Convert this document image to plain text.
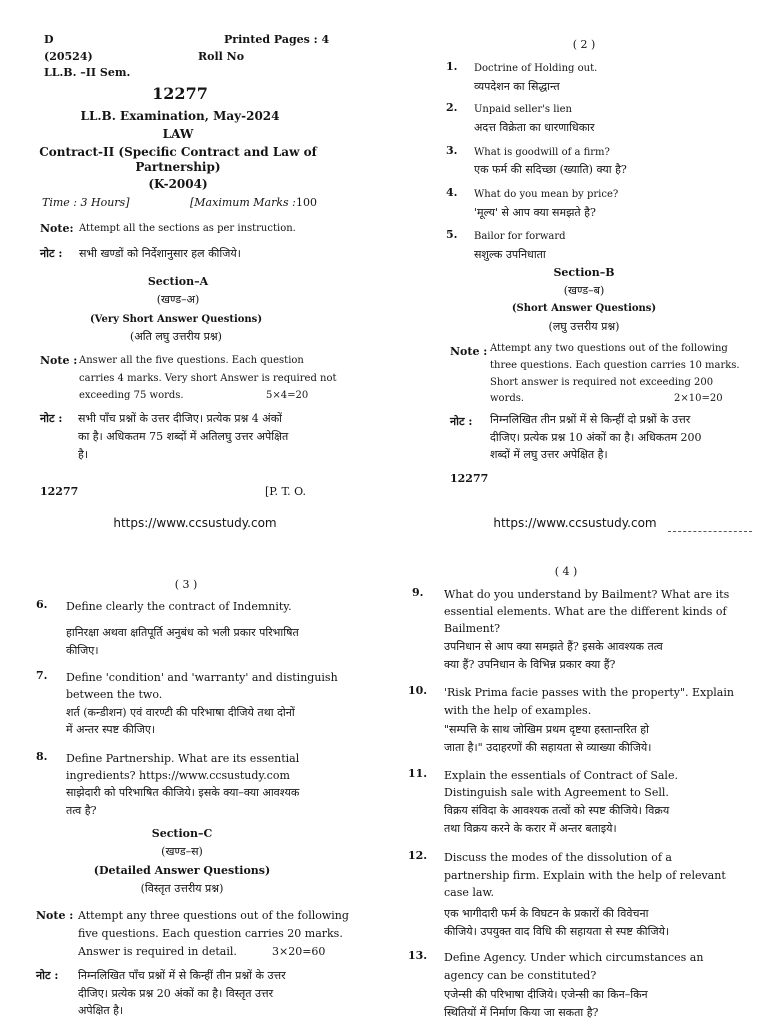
D	Printed Pages : 4
(20524)	Roll No
LL.B. –II Sem.
12277
LL.B. Examination, May-2024
LAW
Contract-II (Specific Contract and Law of
Partnership)
(K-2004)
Time : 3 Hours]	[Maximum Marks : 100
Note: Attempt all the sections as per instruction.
नोट : सभी खण्डों को निर्देशानुसार हल कीजिये।
Section–A
(खण्ड–अ)
(Very Short Answer Questions)
(अति लघु उत्तरीय प्रश्न)
Note : Answer all the five questions. Each question
carries 4 marks. Very short Answer is required not
exceeding 75 words.	5×4=20
नोट : सभी पाँच प्रश्नों के उत्तर दीजिए। प्रत्येक प्रश्न 4 अंकों
का है। अधिकतम 75 शब्दों में अतिलघु उत्तर अपेक्षित
है।
12277	[P. T. O.
https://www.ccsustudy.com
( 2 )
1. Doctrine of Holding out.
व्यपदेशन का सिद्धान्त
2. Unpaid seller's lien
अदत्त विक्रेता का धारणाधिकार
3. What is goodwill of a firm?
एक फर्म की सदिच्छा (ख्याति) क्या है?
4. What do you mean by price?
'मूल्य' से आप क्या समझते है?
5. Bailor for forward
सशुल्क उपनिधाता
Section–B
(खण्ड–ब)
(Short Answer Questions)
(लघु उत्तरीय प्रश्न)
Note : Attempt any two questions out of the following
three questions. Each question carries 10 marks.
Short answer is required not exceeding 200
words.	2×10=20
नोट : निम्नलिखित तीन प्रश्नों में से किन्हीं दो प्रश्नों के उत्तर
दीजिए। प्रत्येक प्रश्न 10 अंकों का है। अधिकतम 200
शब्दों में लघु उत्तर अपेक्षित है।
12277
https://www.ccsustudy.com
( 3 )
6. Define clearly the contract of Indemnity.
हानिरक्षा अथवा क्षतिपूर्ति अनुबंध को भली प्रकार परिभाषित
कीजिए।
7. Define 'condition' and 'warranty' and distinguish
between the two.
शर्त (कन्डीशन) एवं वारण्टी की परिभाषा दीजिये तथा दोनों
में अन्तर स्पष्ट कीजिए।
8. Define Partnership. What are its essential
ingredients? https://www.ccsustudy.com
साझेदारी को परिभाषित कीजिये। इसके क्या–क्या आवश्यक
तत्व है?
Section–C
(खण्ड–स)
(Detailed Answer Questions)
(विस्तृत उत्तरीय प्रश्न)
Note : Attempt any three questions out of the following
five questions. Each question carries 20 marks.
Answer is required in detail.	3×20=60
नोट : निम्नलिखित पाँच प्रश्नों में से किन्हीं तीन प्रश्नों के उत्तर
दीजिए। प्रत्येक प्रश्न 20 अंकों का है। विस्तृत उत्तर
अपेक्षित है।
( 4 )
9. What do you understand by Bailment? What are its
essential elements. What are the different kinds of
Bailment?
उपनिधान से आप क्या समझते हैं? इसके आवश्यक तत्व
क्या हैं? उपनिधान के विभिन्न प्रकार क्या हैं?
10. 'Risk Prima facie passes with the property". Explain
with the help of examples.
"सम्पत्ति के साथ जोखिम प्रथम दृष्टया हस्तान्तरित हो
जाता है।" उदाहरणों की सहायता से व्याख्या कीजिये।
11. Explain the essentials of Contract of Sale.
Distinguish sale with Agreement to Sell.
विक्रय संविदा के आवश्यक तत्वों को स्पष्ट कीजिये। विक्रय
तथा विक्रय करने के करार में अन्तर बताइये।
12. Discuss the modes of the dissolution of a
partnership firm. Explain with the help of relevant
case law.
एक भागीदारी फर्म के विघटन के प्रकारों की विवेचना
कीजिये। उपयुक्त वाद विधि की सहायता से स्पष्ट कीजिये।
13. Define Agency. Under which circumstances an
agency can be constituted?
एजेन्सी की परिभाषा दीजिये। एजेन्सी का किन–किन
स्थितियों में निर्माण किया जा सकता है?
